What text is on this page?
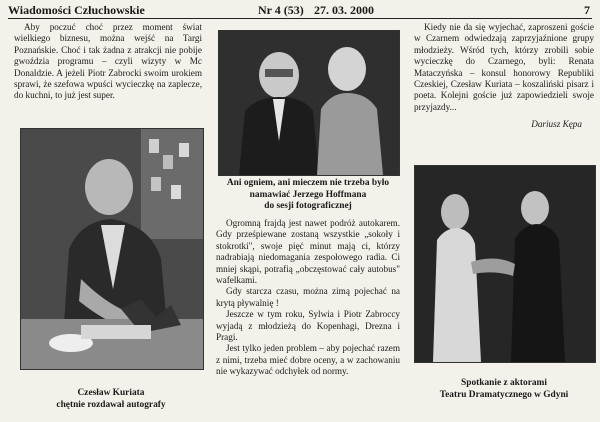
Wiadomości Człuchowskie	Nr 4 (53) 27. 03. 2000	7

Aby poczuć choć przez moment świat wielkiego biznesu, można wejść na Targi Poznańskie. Choć i tak żadna z atrakcji nie pobije gwoździa programu – czyli wizyty w Mc Donaldzie. A jeżeli Piotr Zabrocki swoim urokiem sprawi, że szefowa wpuści wycieczkę na zaplecze, do kuchni, to już jest super.

Czesław Kuriata
chętnie rozdawał autografy
Ani ogniem, ani mieczem nie trzeba było
namawiać Jerzego Hoffmana
do sesji fotograficznej

Ogromną frajdą jest nawet podróż autokarem. Gdy prześpiewane zostaną wszystkie „sokoły i stokrotki", swoje pięć minut mają ci, którzy nadrabiają niedomagania zespołowego radia. Ci mniej skąpi, potrafią „obczęstować cały autobus" wafelkami.

Gdy starcza czasu, można zimą pojechać na krytą pływalnię !

Jeszcze w tym roku, Sylwia i Piotr Zabroccy wyjadą z młodzieżą do Kopenhagi, Drezna i Pragi.

Jest tylko jeden problem – aby pojechać razem z nimi, trzeba mieć dobre oceny, a w zachowaniu nie wykazywać odchyłek od normy.

Kiedy nie da się wyjechać, zaproszeni goście w Czarnem odwiedzają zaprzyjaźnione grupy młodzieży. Wśród tych, którzy zrobili sobie wycieczkę do Czarnego, byli: Renata Mataczyńska – konsul honorowy Republiki Czeskiej, Czesław Kuriata – koszaliński pisarz i poeta. Kolejni goście już zapowiedzieli swoje przyjazdy...

Dariusz Kępa
Spotkanie z aktorami
Teatru Dramatycznego w Gdyni
